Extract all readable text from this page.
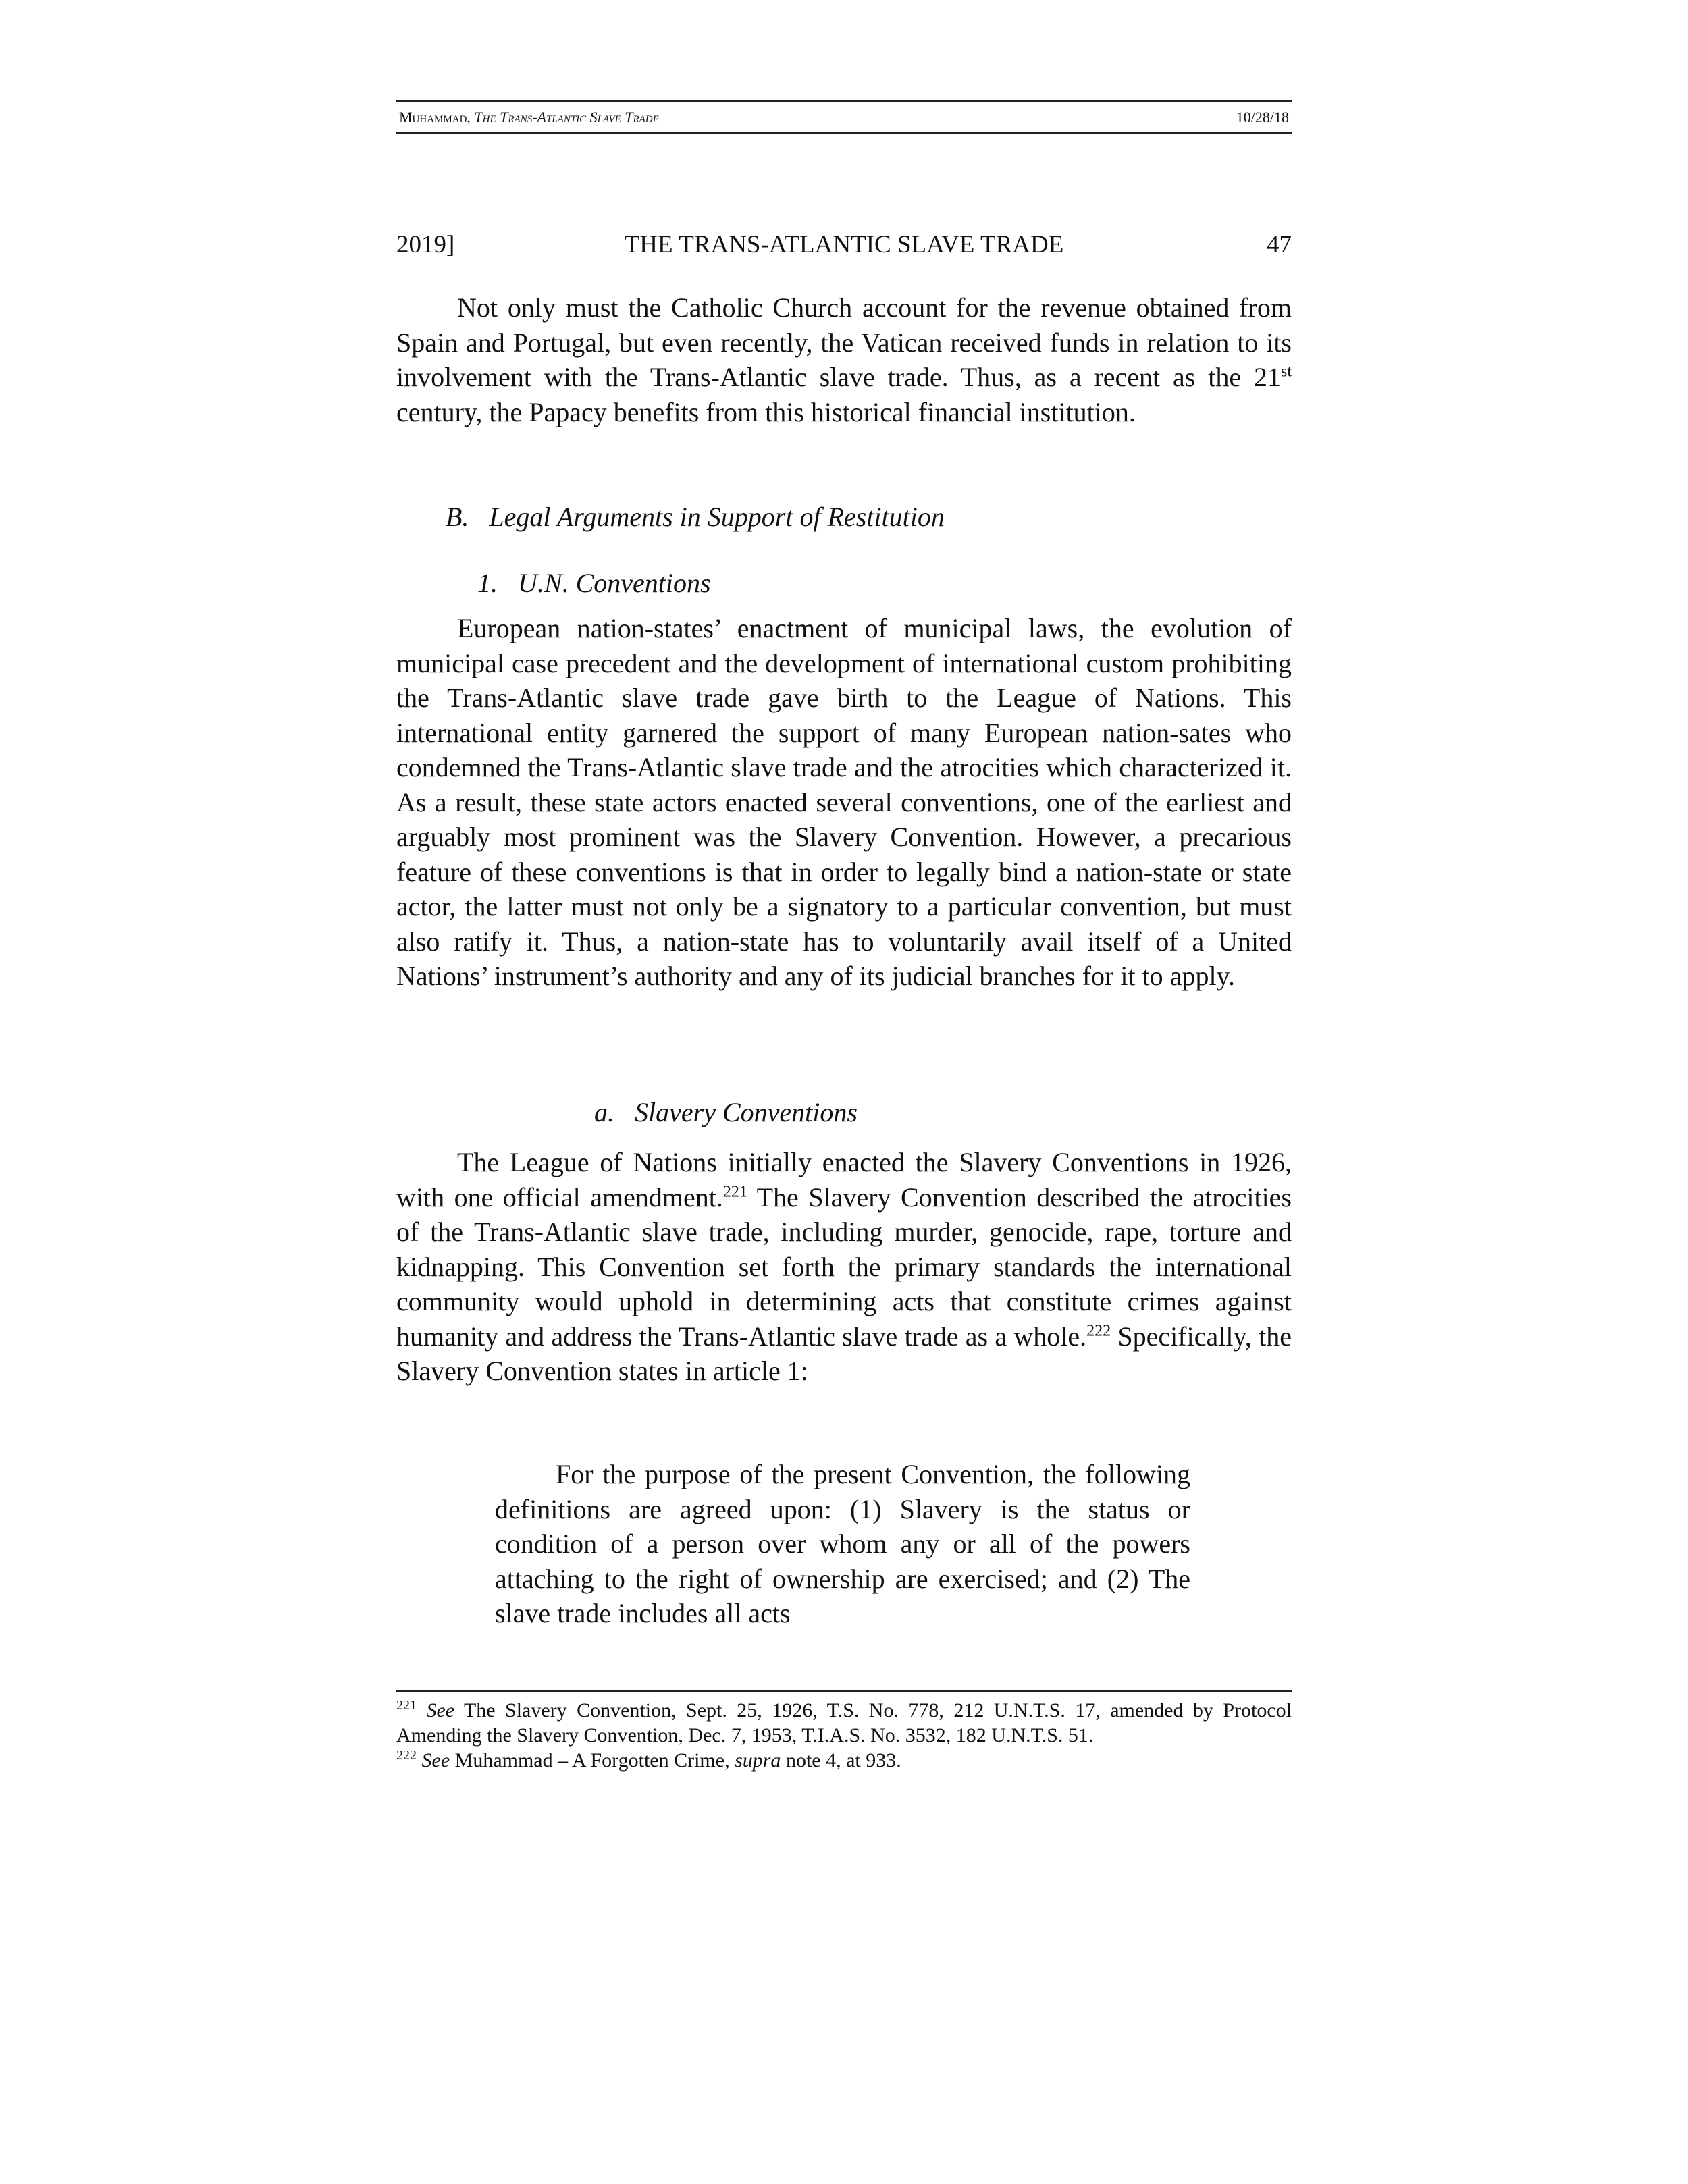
Muhammad, The Trans-Atlantic Slave Trade	10/28/18
2019]	THE TRANS-ATLANTIC SLAVE TRADE	47

Not only must the Catholic Church account for the revenue obtained from Spain and Portugal, but even recently, the Vatican received funds in relation to its involvement with the Trans-Atlantic slave trade. Thus, as a recent as the 21st century, the Papacy benefits from this historical financial institution.

B.   Legal Arguments in Support of Restitution
1.   U.N. Conventions

European nation-states’ enactment of municipal laws, the evolution of municipal case precedent and the development of international custom prohibiting the Trans-Atlantic slave trade gave birth to the League of Nations. This international entity garnered the support of many European nation-sates who condemned the Trans-Atlantic slave trade and the atrocities which characterized it. As a result, these state actors enacted several conventions, one of the earliest and arguably most prominent was the Slavery Convention. However, a precarious feature of these conventions is that in order to legally bind a nation-state or state actor, the latter must not only be a signatory to a particular convention, but must also ratify it. Thus, a nation-state has to voluntarily avail itself of a United Nations’ instrument’s authority and any of its judicial branches for it to apply.

a.   Slavery Conventions

The League of Nations initially enacted the Slavery Conventions in 1926, with one official amendment.$^{221}$ The Slavery Convention described the atrocities of the Trans-Atlantic slave trade, including murder, genocide, rape, torture and kidnapping. This Convention set forth the primary standards the international community would uphold in determining acts that constitute crimes against humanity and address the Trans-Atlantic slave trade as a whole.$^{222}$ Specifically, the Slavery Convention states in article 1:

For the purpose of the present Convention, the following definitions are agreed upon: (1) Slavery is the status or condition of a person over whom any or all of the powers attaching to the right of ownership are exercised; and (2) The slave trade includes all acts

$^{221}$ See The Slavery Convention, Sept. 25, 1926, T.S. No. 778, 212 U.N.T.S. 17, amended by Protocol Amending the Slavery Convention, Dec. 7, 1953, T.I.A.S. No. 3532, 182 U.N.T.S. 51.

$^{222}$ See Muhammad – A Forgotten Crime, supra note 4, at 933.
